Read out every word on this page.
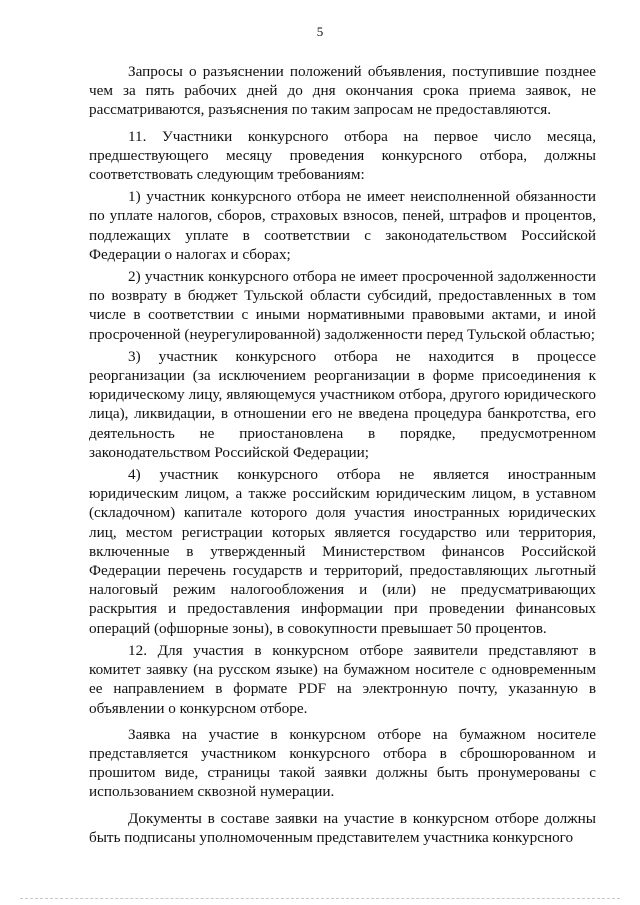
5

Запросы о разъяснении положений объявления, поступившие позднее чем за пять рабочих дней до дня окончания срока приема заявок, не рассматриваются, разъяснения по таким запросам не предоставляются.

11. Участники конкурсного отбора на первое число месяца, предшествующего месяцу проведения конкурсного отбора, должны соответствовать следующим требованиям:

1) участник конкурсного отбора не имеет неисполненной обязанности по уплате налогов, сборов, страховых взносов, пеней, штрафов и процентов, подлежащих уплате в соответствии с законодательством Российской Федерации о налогах и сборах;

2) участник конкурсного отбора не имеет просроченной задолженности по возврату в бюджет Тульской области субсидий, предоставленных в том числе в соответствии с иными нормативными правовыми актами, и иной просроченной (неурегулированной) задолженности перед Тульской областью;

3) участник конкурсного отбора не находится в процессе реорганизации (за исключением реорганизации в форме присоединения к юридическому лицу, являющемуся участником отбора, другого юридического лица), ликвидации, в отношении его не введена процедура банкротства, его деятельность не приостановлена в порядке, предусмотренном законодательством Российской Федерации;

4) участник конкурсного отбора не является иностранным юридическим лицом, а также российским юридическим лицом, в уставном (складочном) капитале которого доля участия иностранных юридических лиц, местом регистрации которых является государство или территория, включенные в утвержденный Министерством финансов Российской Федерации перечень государств и территорий, предоставляющих льготный налоговый режим налогообложения и (или) не предусматривающих раскрытия и предоставления информации при проведении финансовых операций (офшорные зоны), в совокупности превышает 50 процентов.

12. Для участия в конкурсном отборе заявители представляют в комитет заявку (на русском языке) на бумажном носителе с одновременным ее направлением в формате PDF на электронную почту, указанную в объявлении о конкурсном отборе.

Заявка на участие в конкурсном отборе на бумажном носителе представляется участником конкурсного отбора в сброшюрованном и прошитом виде, страницы такой заявки должны быть пронумерованы с использованием сквозной нумерации.

Документы в составе заявки на участие в конкурсном отборе должны быть подписаны уполномоченным представителем участника конкурсного
